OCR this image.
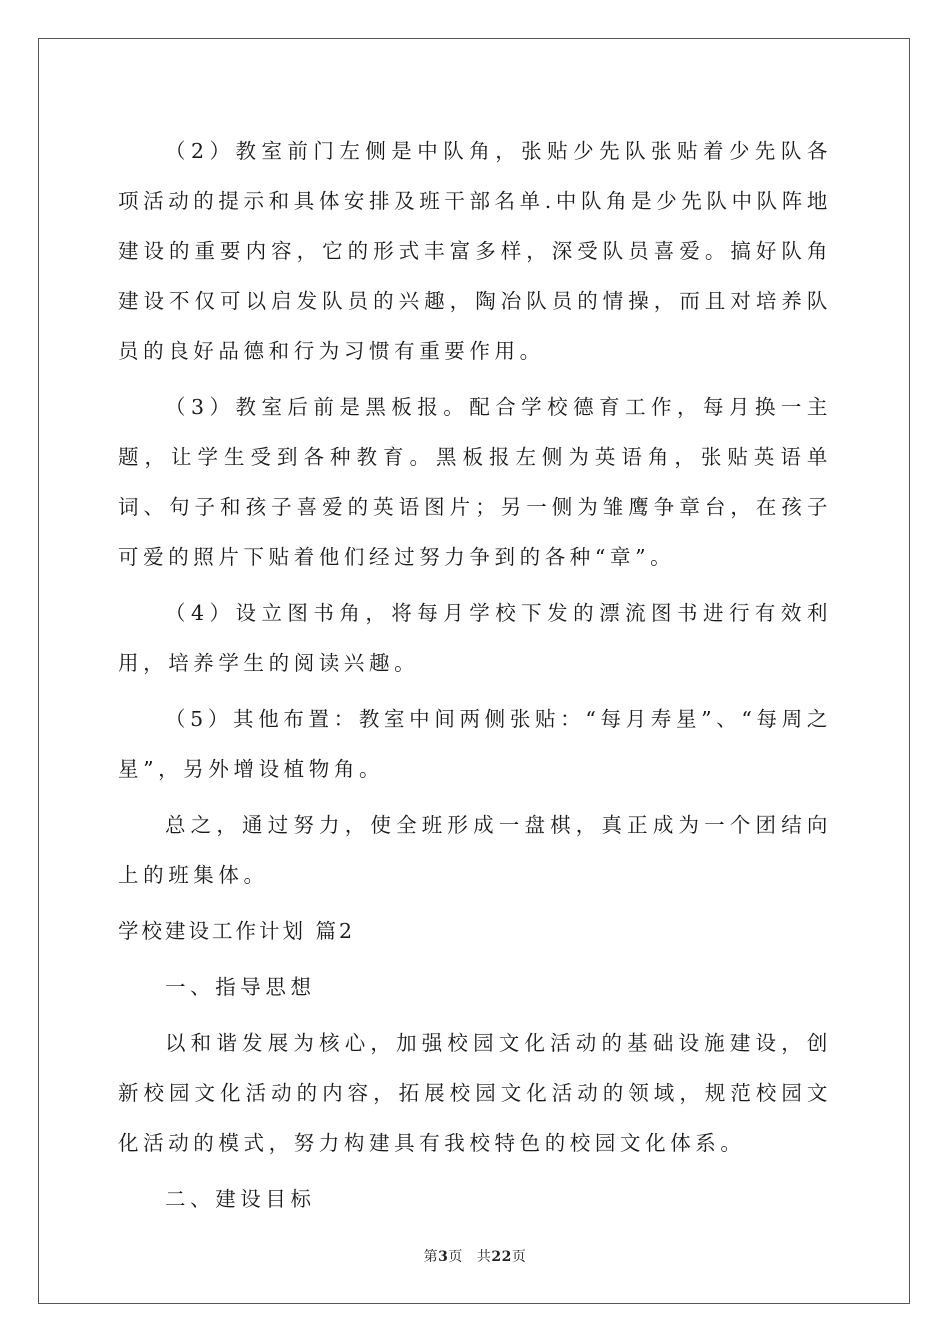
（2）教室前门左侧是中队角，张贴少先队张贴着少先队各项活动的提示和具体安排及班干部名单.中队角是少先队中队阵地建设的重要内容，它的形式丰富多样，深受队员喜爱。搞好队角建设不仅可以启发队员的兴趣，陶冶队员的情操，而且对培养队员的良好品德和行为习惯有重要作用。

（3）教室后前是黑板报。配合学校德育工作，每月换一主题，让学生受到各种教育。黑板报左侧为英语角，张贴英语单词、句子和孩子喜爱的英语图片；另一侧为雏鹰争章台，在孩子可爱的照片下贴着他们经过努力争到的各种“章”。

（4）设立图书角，将每月学校下发的漂流图书进行有效利用，培养学生的阅读兴趣。

（5）其他布置：教室中间两侧张贴：“每月寿星”、“每周之星”，另外增设植物角。

总之，通过努力，使全班形成一盘棋，真正成为一个团结向上的班集体。

学校建设工作计划 篇2

一、指导思想

以和谐发展为核心，加强校园文化活动的基础设施建设，创新校园文化活动的内容，拓展校园文化活动的领域，规范校园文化活动的模式，努力构建具有我校特色的校园文化体系。

二、建设目标

第3页 共22页
